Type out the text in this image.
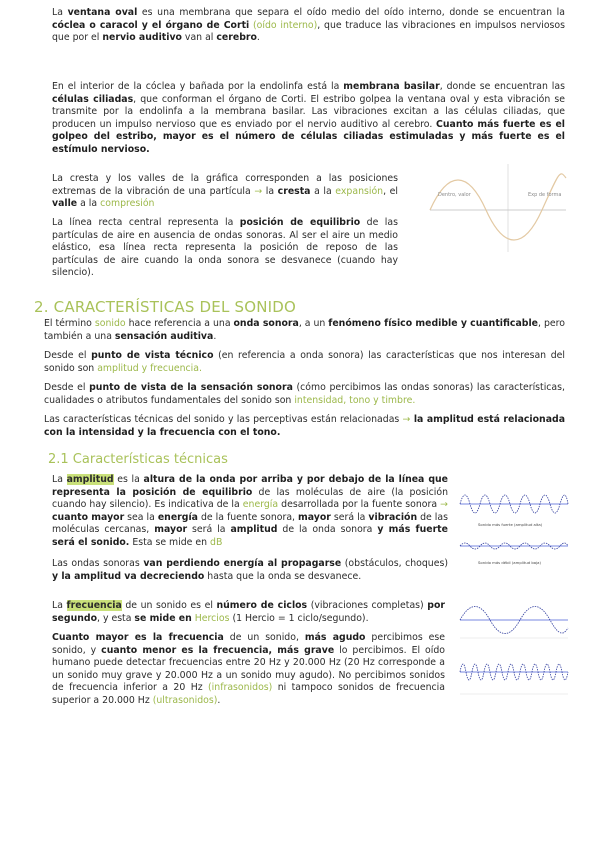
La ventana oval es una membrana que separa el oído medio del oído interno, donde se encuentran la cóclea o caracol y el órgano de Corti (oído interno), que traduce las vibraciones en impulsos nerviosos que por el nervio auditivo van al cerebro.

En el interior de la cóclea y bañada por la endolinfa está la membrana basilar, donde se encuentran las células ciliadas, que conforman el órgano de Corti. El estribo golpea la ventana oval y esta vibración se transmite por la endolinfa a la membrana basilar. Las vibraciones excitan a las células ciliadas, que producen un impulso nervioso que es enviado por el nervio auditivo al cerebro. Cuanto más fuerte es el golpeo del estribo, mayor es el número de células ciliadas estimuladas y más fuerte es el estímulo nervioso.

La cresta y los valles de la gráfica corresponden a las posiciones extremas de la vibración de una partícula → la cresta a la expansión, el valle a la compresión

La línea recta central representa la posición de equilibrio de las partículas de aire en ausencia de ondas sonoras. Al ser el aire un medio elástico, esa línea recta representa la posición de reposo de las partículas de aire cuando la onda sonora se desvanece (cuando hay silencio).

Dentro, valor	Exp de forma
2. CARACTERÍSTICAS DEL SONIDO

El término sonido hace referencia a una onda sonora, a un fenómeno físico medible y cuantificable, pero también a una sensación auditiva.

Desde el punto de vista técnico (en referencia a onda sonora) las características que nos interesan del sonido son amplitud y frecuencia.

Desde el punto de vista de la sensación sonora (cómo percibimos las ondas sonoras) las características, cualidades o atributos fundamentales del sonido son intensidad, tono y timbre.

Las características técnicas del sonido y las perceptivas están relacionadas → la amplitud está relacionada con la intensidad y la frecuencia con el tono.

2.1 Características técnicas

La amplitud es la altura de la onda por arriba y por debajo de la línea que representa la posición de equilibrio de las moléculas de aire (la posición cuando hay silencio). Es indicativa de la energía desarrollada por la fuente sonora → cuanto mayor sea la energía de la fuente sonora, mayor será la vibración de las moléculas cercanas, mayor será la amplitud de la onda sonora y más fuerte será el sonido. Esta se mide en dB

Las ondas sonoras van perdiendo energía al propagarse (obstáculos, choques) y la amplitud va decreciendo hasta que la onda se desvanece.

Sonido más fuerte (amplitud alta)
Sonido más débil (amplitud baja)

La frecuencia de un sonido es el número de ciclos (vibraciones completas) por segundo, y esta se mide en Hercios (1 Hercio = 1 ciclo/segundo).

Cuanto mayor es la frecuencia de un sonido, más agudo percibimos ese sonido, y cuanto menor es la frecuencia, más grave lo percibimos. El oído humano puede detectar frecuencias entre 20 Hz y 20.000 Hz (20 Hz corresponde a un sonido muy grave y 20.000 Hz a un sonido muy agudo). No percibimos sonidos de frecuencia inferior a 20 Hz (infrasonidos) ni tampoco sonidos de frecuencia superior a 20.000 Hz (ultrasonidos).
